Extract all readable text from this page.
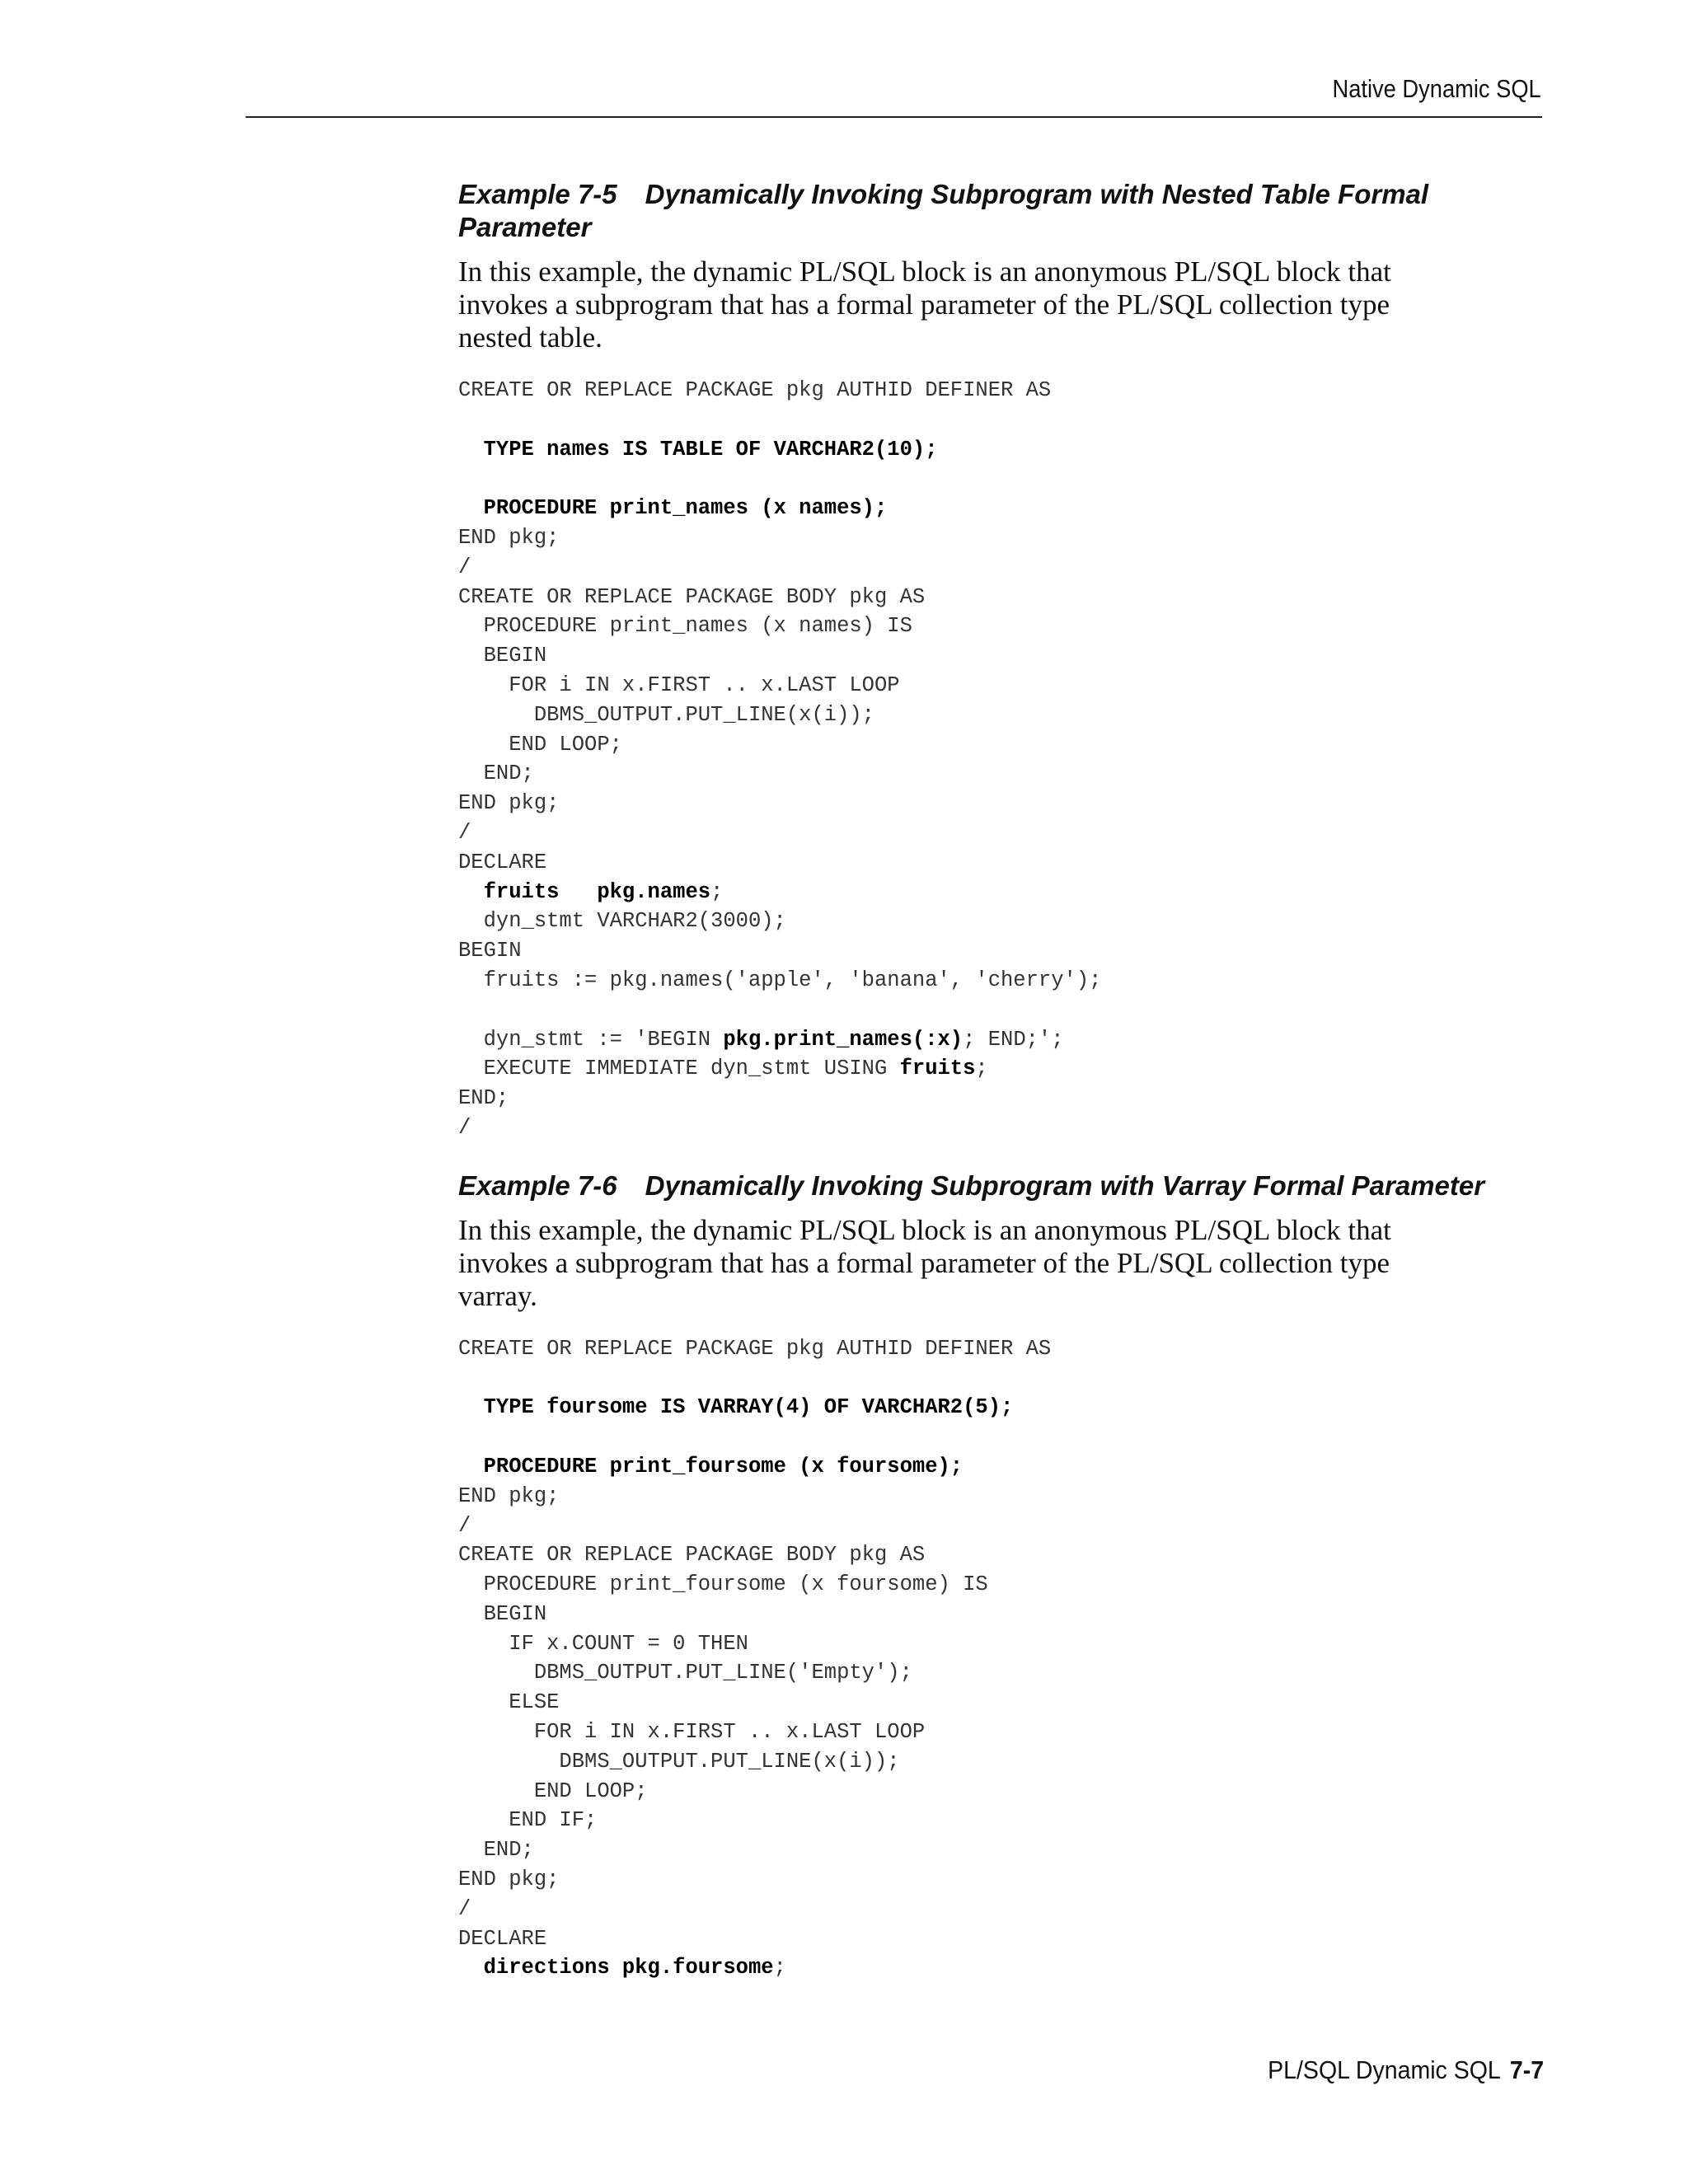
Native Dynamic SQL
Example 7-5 Dynamically Invoking Subprogram with Nested Table Formal
Parameter

In this example, the dynamic PL/SQL block is an anonymous PL/SQL block that invokes a subprogram that has a formal parameter of the PL/SQL collection type nested table.

CREATE OR REPLACE PACKAGE pkg AUTHID DEFINER AS

TYPE names IS TABLE OF VARCHAR2(10);

PROCEDURE print_names (x names);
END pkg;
/
CREATE OR REPLACE PACKAGE BODY pkg AS
PROCEDURE print_names (x names) IS
BEGIN
FOR i IN x.FIRST .. x.LAST LOOP
DBMS_OUTPUT.PUT_LINE(x(i));
END LOOP;
END;
END pkg;
/
DECLARE
fruits   pkg.names;
dyn_stmt VARCHAR2(3000);
BEGIN
fruits := pkg.names('apple', 'banana', 'cherry');

dyn_stmt := 'BEGIN pkg.print_names(:x); END;';
EXECUTE IMMEDIATE dyn_stmt USING fruits;
END;
/
Example 7-6 Dynamically Invoking Subprogram with Varray Formal Parameter

In this example, the dynamic PL/SQL block is an anonymous PL/SQL block that invokes a subprogram that has a formal parameter of the PL/SQL collection type varray.

CREATE OR REPLACE PACKAGE pkg AUTHID DEFINER AS

TYPE foursome IS VARRAY(4) OF VARCHAR2(5);

PROCEDURE print_foursome (x foursome);
END pkg;
/
CREATE OR REPLACE PACKAGE BODY pkg AS
PROCEDURE print_foursome (x foursome) IS
BEGIN
IF x.COUNT = 0 THEN
DBMS_OUTPUT.PUT_LINE('Empty');
ELSE
FOR i IN x.FIRST .. x.LAST LOOP
DBMS_OUTPUT.PUT_LINE(x(i));
END LOOP;
END IF;
END;
END pkg;
/
DECLARE
directions pkg.foursome;
PL/SQL Dynamic SQL 7-7
